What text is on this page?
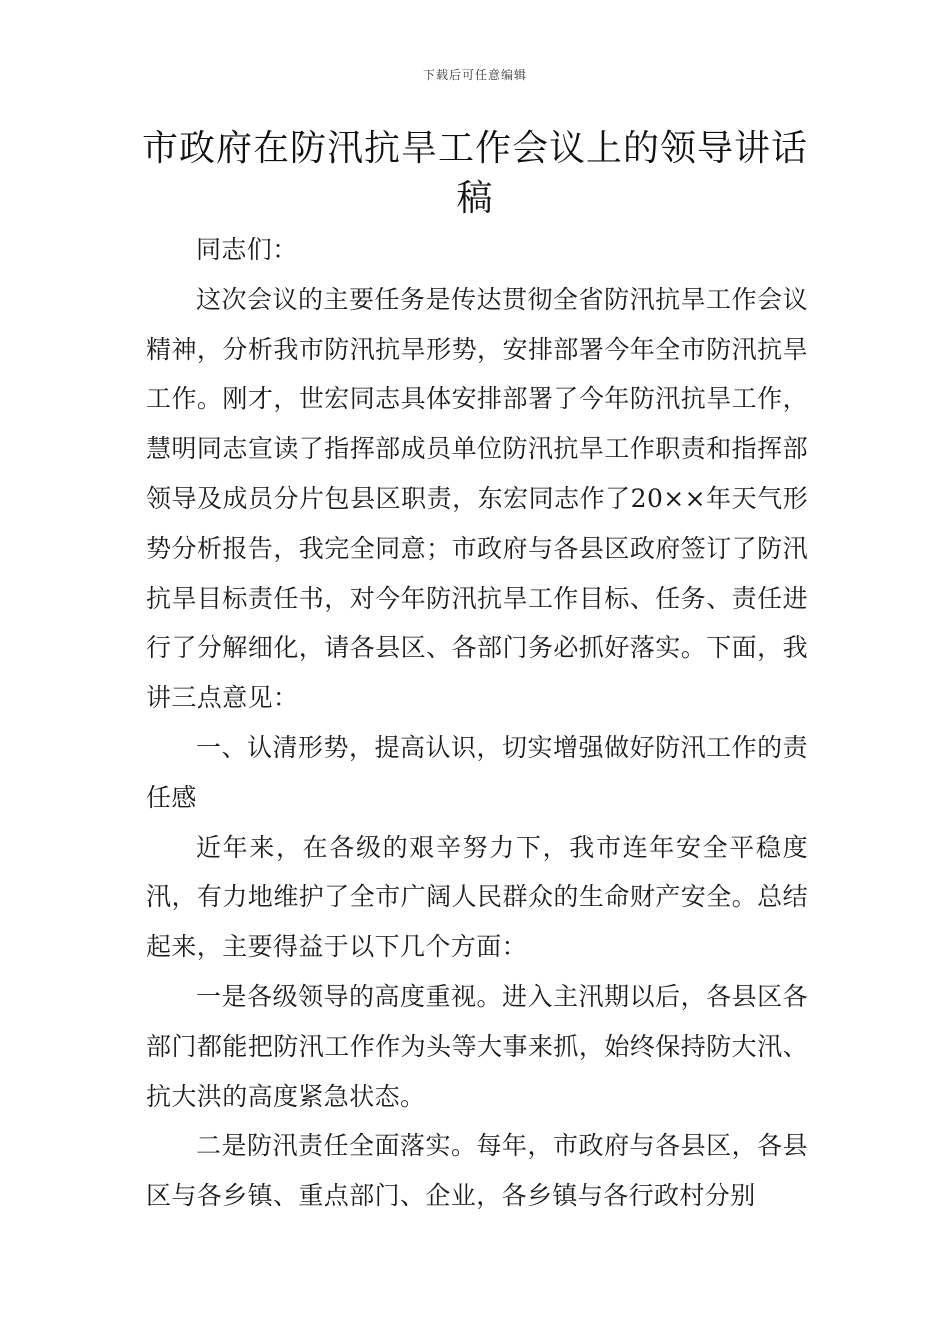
下载后可任意编辑
市政府在防汛抗旱工作会议上的领导讲话稿

同志们：

这次会议的主要任务是传达贯彻全省防汛抗旱工作会议精神，分析我市防汛抗旱形势，安排部署今年全市防汛抗旱工作。刚才，世宏同志具体安排部署了今年防汛抗旱工作，慧明同志宣读了指挥部成员单位防汛抗旱工作职责和指挥部领导及成员分片包县区职责，东宏同志作了20××年天气形势分析报告，我完全同意；市政府与各县区政府签订了防汛抗旱目标责任书，对今年防汛抗旱工作目标、任务、责任进行了分解细化，请各县区、各部门务必抓好落实。下面，我讲三点意见：

一、认清形势，提高认识，切实增强做好防汛工作的责任感

近年来，在各级的艰辛努力下，我市连年安全平稳度汛，有力地维护了全市广阔人民群众的生命财产安全。总结起来，主要得益于以下几个方面：

一是各级领导的高度重视。进入主汛期以后，各县区各部门都能把防汛工作作为头等大事来抓，始终保持防大汛、抗大洪的高度紧急状态。

二是防汛责任全面落实。每年，市政府与各县区，各县区与各乡镇、重点部门、企业，各乡镇与各行政村分别
